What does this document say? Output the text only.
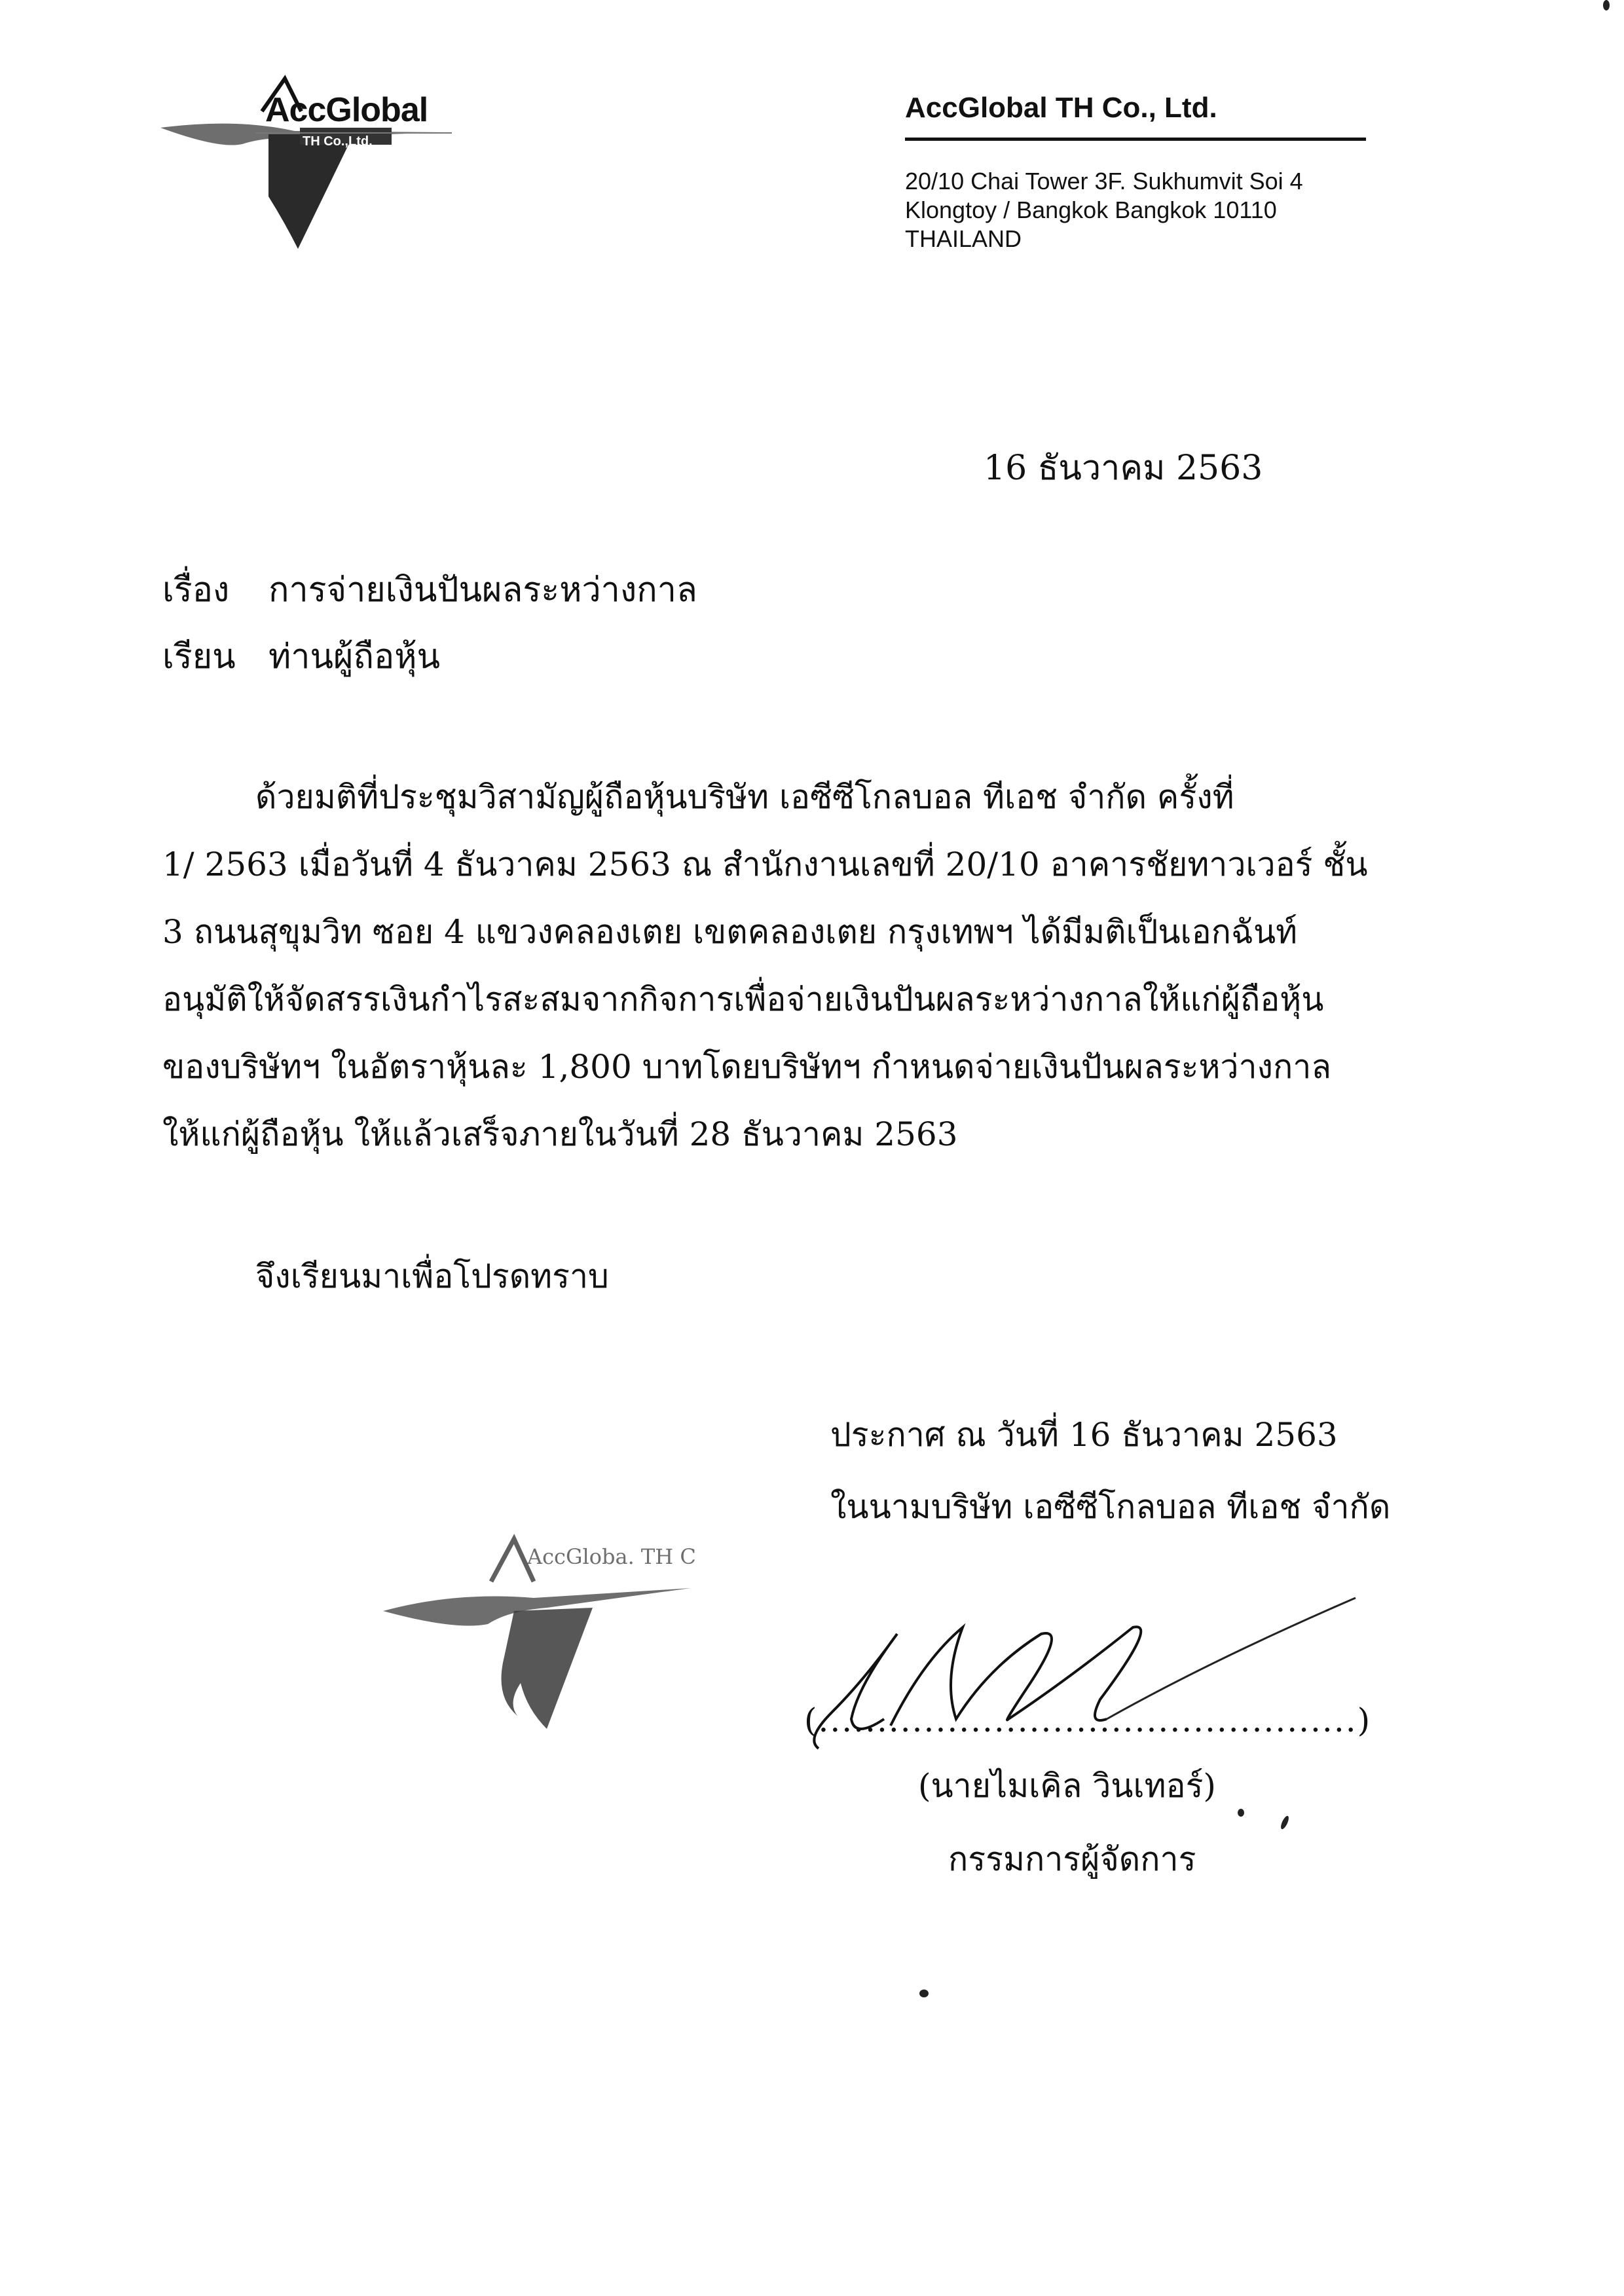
AccGlobal
TH Co.,Ltd.
AccGlobal TH Co., Ltd.
20/10 Chai Tower 3F. Sukhumvit Soi 4
Klongtoy / Bangkok Bangkok 10110
THAILAND
16 ธันวาคม 2563
เรื่อง การจ่ายเงินปันผลระหว่างกาล
เรียน ท่านผู้ถือหุ้น
ด้วยมติที่ประชุมวิสามัญผู้ถือหุ้นบริษัท เอซีซีโกลบอล ทีเอช จำกัด ครั้งที่
1/ 2563 เมื่อวันที่ 4 ธันวาคม 2563 ณ สำนักงานเลขที่ 20/10 อาคารชัยทาวเวอร์ ชั้น
3 ถนนสุขุมวิท ซอย 4 แขวงคลองเตย เขตคลองเตย กรุงเทพฯ ได้มีมติเป็นเอกฉันท์
อนุมัติให้จัดสรรเงินกำไรสะสมจากกิจการเพื่อจ่ายเงินปันผลระหว่างกาลให้แก่ผู้ถือหุ้น
ของบริษัทฯ ในอัตราหุ้นละ 1,800 บาทโดยบริษัทฯ กำหนดจ่ายเงินปันผลระหว่างกาล
ให้แก่ผู้ถือหุ้น ให้แล้วเสร็จภายในวันที่ 28 ธันวาคม 2563
จึงเรียนมาเพื่อโปรดทราบ
ประกาศ ณ วันที่ 16 ธันวาคม 2563
ในนามบริษัท เอซีซีโกลบอล ทีเอช จำกัด
AccGloba. TH C
(..............................................)
(นายไมเคิล วินเทอร์)
กรรมการผู้จัดการ
